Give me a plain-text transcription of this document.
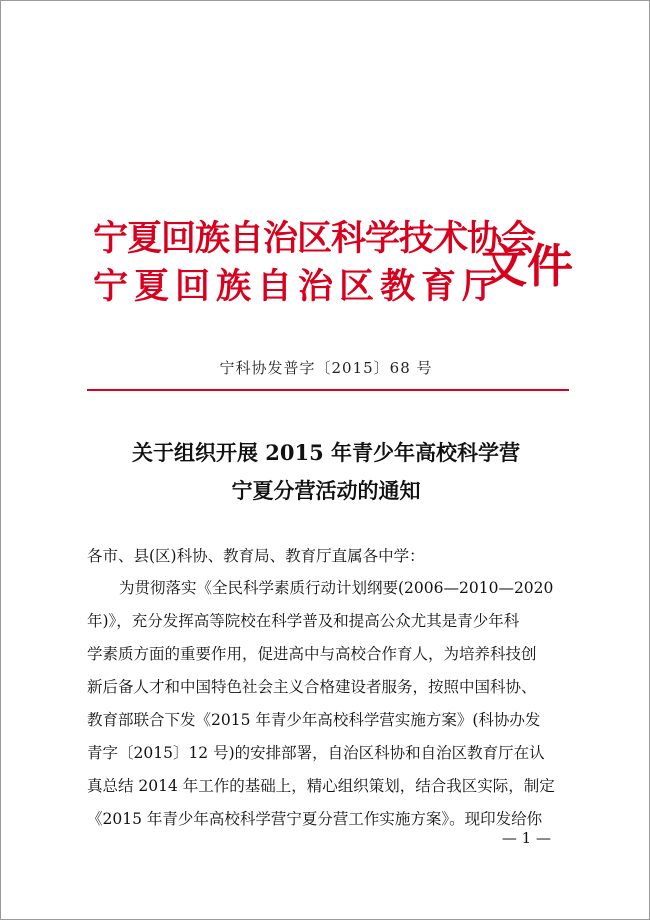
宁夏回族自治区科学技术协会
宁夏回族自治区教育厅
文件
宁科协发普字〔2015〕68 号
关于组织开展 2015 年青少年高校科学营
宁夏分营活动的通知
各市、县(区)科协、教育局、教育厅直属各中学：
为贯彻落实《全民科学素质行动计划纲要(2006—2010—2020
年)》，充分发挥高等院校在科学普及和提高公众尤其是青少年科
学素质方面的重要作用，促进高中与高校合作育人，为培养科技创
新后备人才和中国特色社会主义合格建设者服务，按照中国科协、
教育部联合下发《2015 年青少年高校科学营实施方案》(科协办发
青字〔2015〕12 号)的安排部署，自治区科协和自治区教育厅在认
真总结 2014 年工作的基础上，精心组织策划，结合我区实际，制定
《2015 年青少年高校科学营宁夏分营工作实施方案》。现印发给你
— 1 —
